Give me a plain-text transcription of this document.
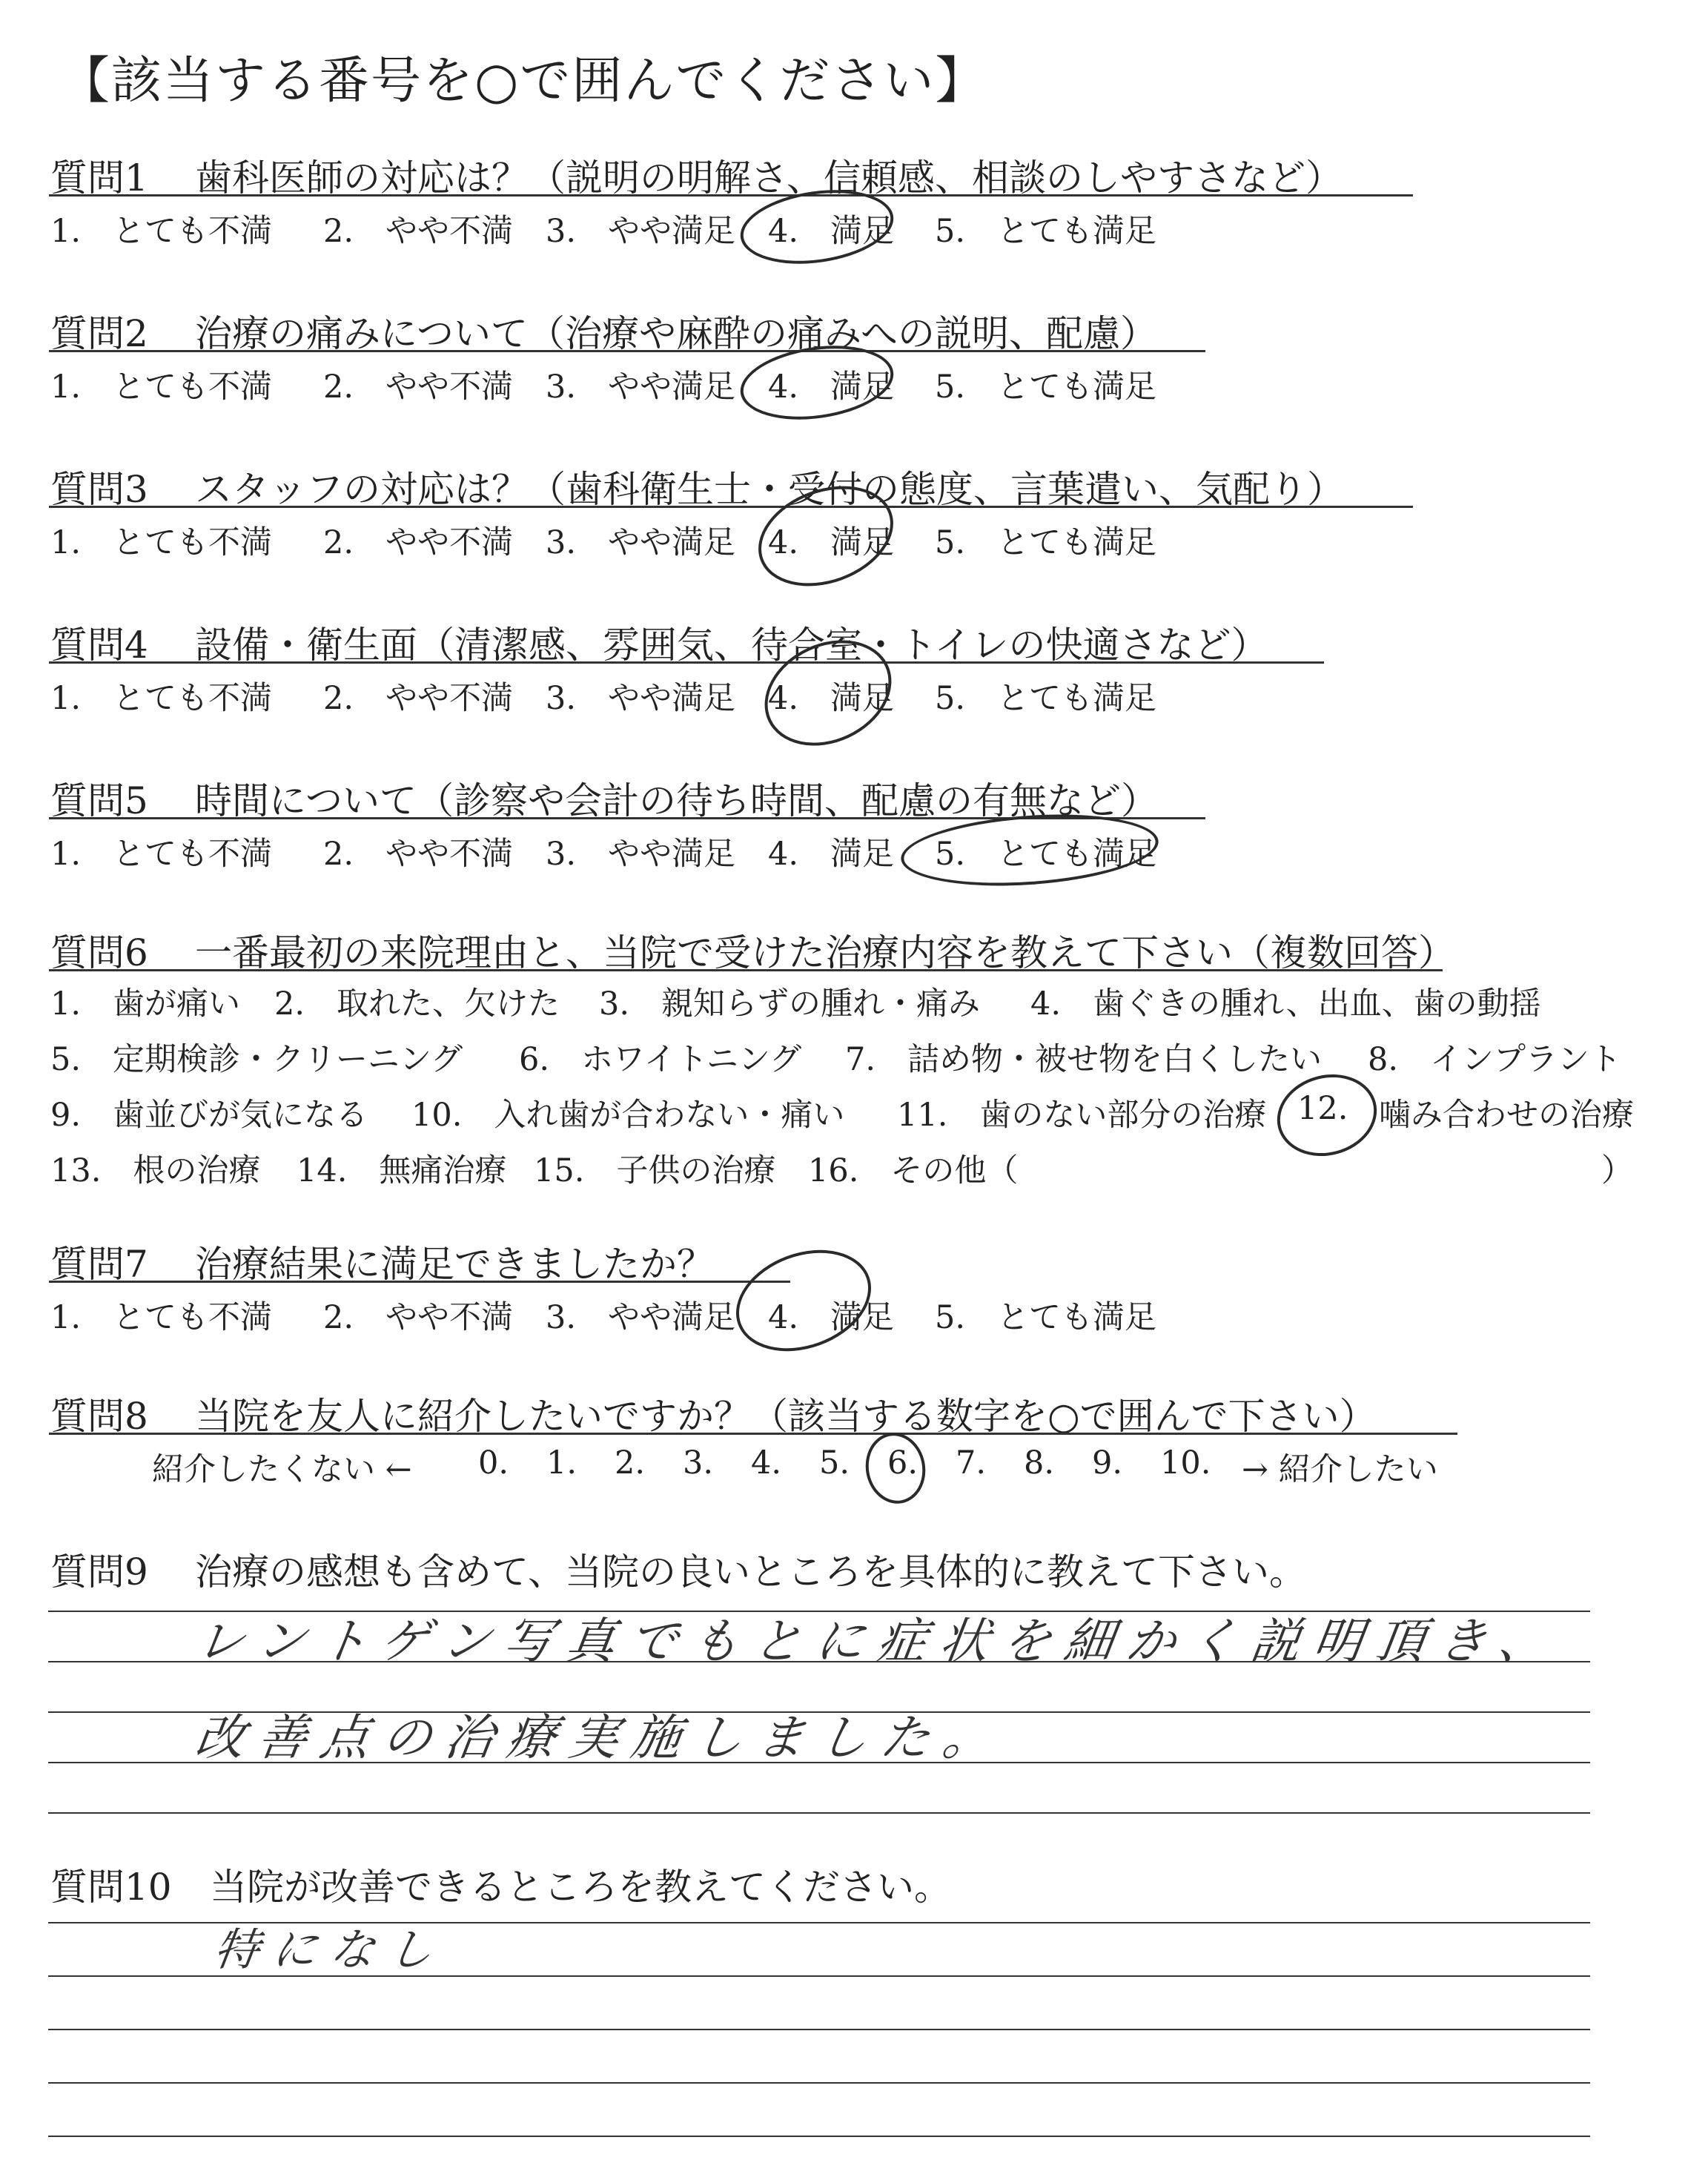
【該当する番号を○で囲んでください】
質問1 歯科医師の対応は？（説明の明解さ、信頼感、相談のしやすさなど）
1.　とても不満	2.　やや不満	3.　やや満足	4.　満足	5.　とても満足
質問2 治療の痛みについて（治療や麻酔の痛みへの説明、配慮）
1.　とても不満	2.　やや不満	3.　やや満足	4.　満足	5.　とても満足
質問3 スタッフの対応は？（歯科衛生士・受付の態度、言葉遣い、気配り）
1.　とても不満	2.　やや不満	3.　やや満足	4.　満足	5.　とても満足
質問4 設備・衛生面（清潔感、雰囲気、待合室・トイレの快適さなど）
1.　とても不満	2.　やや不満	3.　やや満足	4.　満足	5.　とても満足
質問5 時間について（診察や会計の待ち時間、配慮の有無など）
1.　とても不満	2.　やや不満	3.　やや満足	4.　満足	5.　とても満足
質問6 一番最初の来院理由と、当院で受けた治療内容を教えて下さい（複数回答）
1.　歯が痛い 2.　取れた、欠けた 3.　親知らずの腫れ・痛み 4.　歯ぐきの腫れ、出血、歯の動揺
5.　定期検診・クリーニング 6.　ホワイトニング 7.　詰め物・被せ物を白くしたい 8.　インプラント
9.　歯並びが気になる 10.　入れ歯が合わない・痛い 11.　歯のない部分の治療 12. 噛み合わせの治療
13.　根の治療 14.　無痛治療 15.　子供の治療 16.　その他（	）
質問7 治療結果に満足できましたか？
1.　とても不満	2.　やや不満	3.　やや満足	4.　満足	5.　とても満足
質問8 当院を友人に紹介したいですか？（該当する数字を○で囲んで下さい）
紹介したくない ←	0.	1.	2.	3.	4.	5.	6.	7.	8.	9.	10. → 紹介したい
質問9 治療の感想も含めて、当院の良いところを具体的に教えて下さい。
レントゲン写真でもとに症状を細かく説明頂き、
改善点の治療実施しました。
質問10 当院が改善できるところを教えてください。
特になし
